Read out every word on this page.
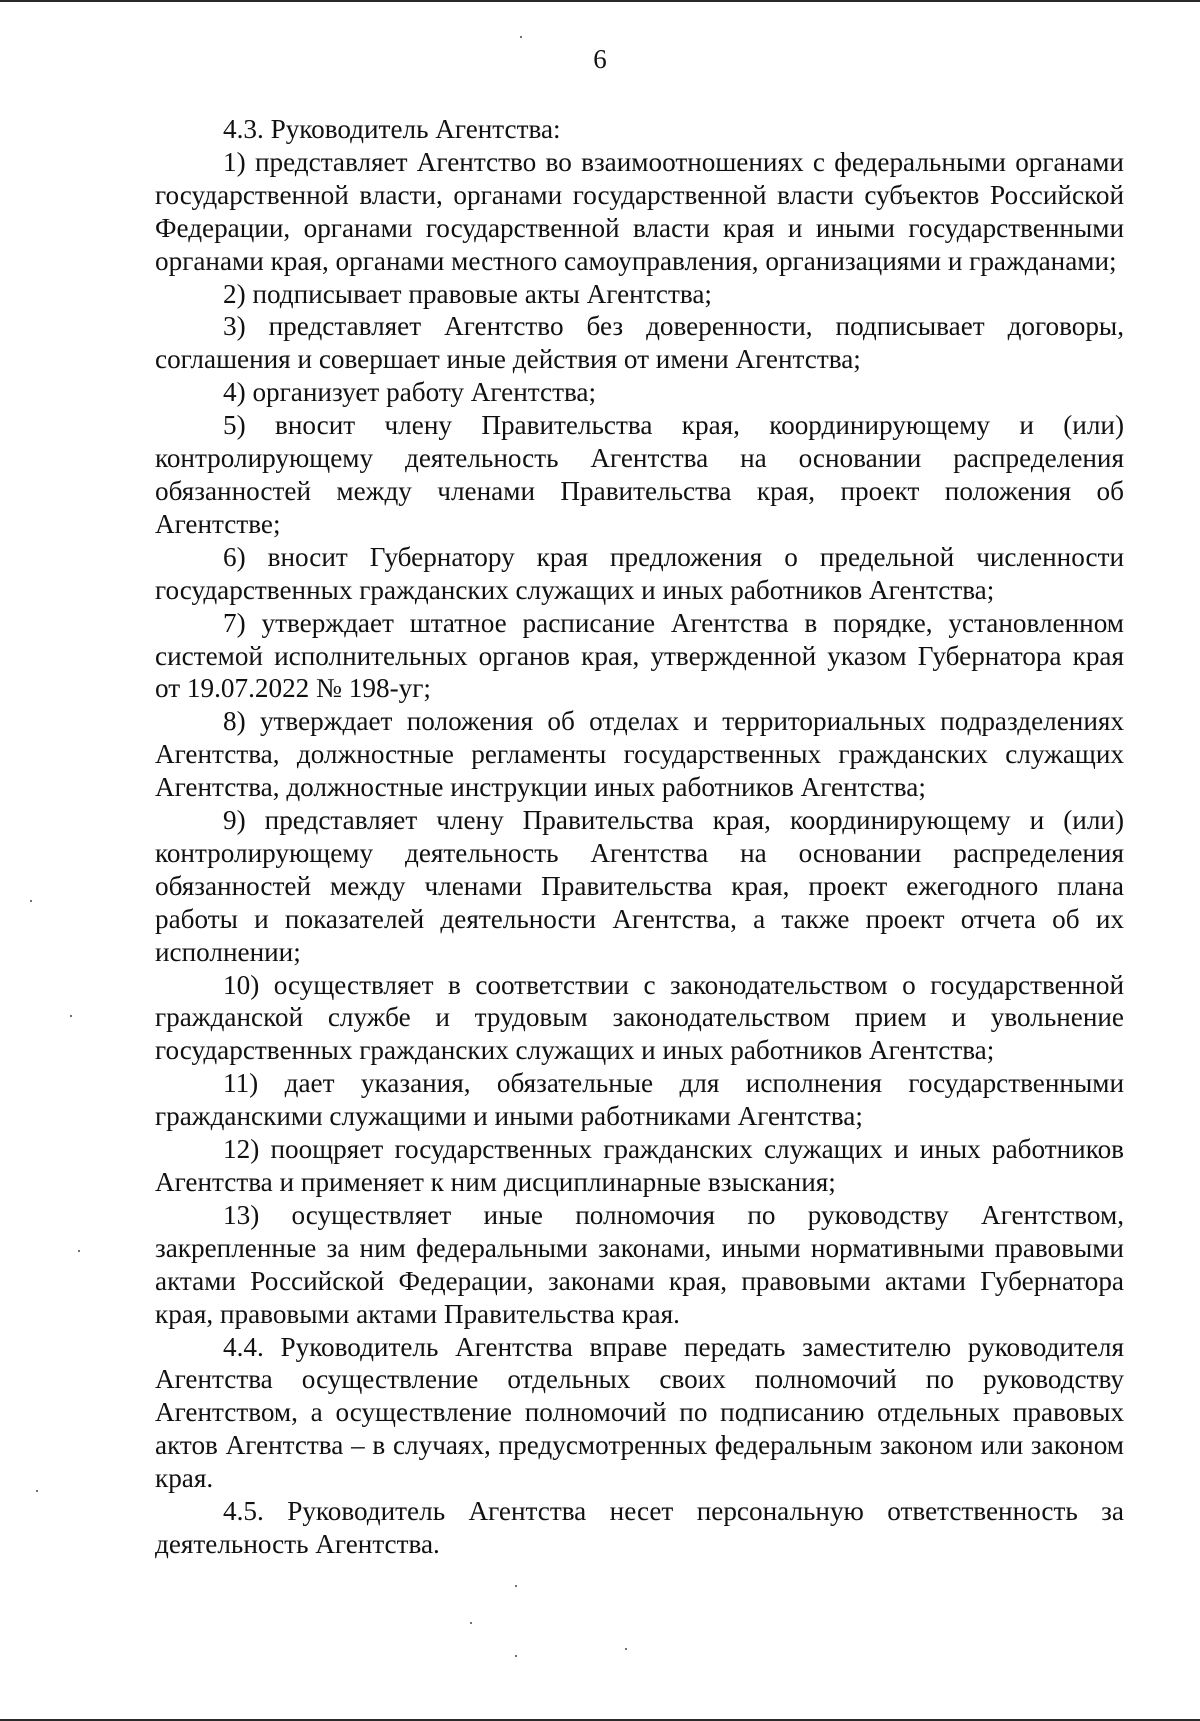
6

4.3. Руководитель Агентства:

1) представляет Агентство во взаимоотношениях с федеральными органами государственной власти, органами государственной власти субъектов Российской Федерации, органами государственной власти края и иными государственными органами края, органами местного самоуправления, организациями и гражданами;

2) подписывает правовые акты Агентства;

3) представляет Агентство без доверенности, подписывает договоры, соглашения и совершает иные действия от имени Агентства;

4) организует работу Агентства;

5) вносит члену Правительства края, координирующему и (или) контролирующему деятельность Агентства на основании распределения обязанностей между членами Правительства края, проект положения об Агентстве;

6) вносит Губернатору края предложения о предельной численности государственных гражданских служащих и иных работников Агентства;

7) утверждает штатное расписание Агентства в порядке, установленном системой исполнительных органов края, утвержденной указом Губернатора края от 19.07.2022 № 198-уг;

8) утверждает положения об отделах и территориальных подразделениях Агентства, должностные регламенты государственных гражданских служащих Агентства, должностные инструкции иных работников Агентства;

9) представляет члену Правительства края, координирующему и (или) контролирующему деятельность Агентства на основании распределения обязанностей между членами Правительства края, проект ежегодного плана работы и показателей деятельности Агентства, а также проект отчета об их исполнении;

10) осуществляет в соответствии с законодательством о государственной гражданской службе и трудовым законодательством прием и увольнение государственных гражданских служащих и иных работников Агентства;

11) дает указания, обязательные для исполнения государственными гражданскими служащими и иными работниками Агентства;

12) поощряет государственных гражданских служащих и иных работников Агентства и применяет к ним дисциплинарные взыскания;

13) осуществляет иные полномочия по руководству Агентством, закрепленные за ним федеральными законами, иными нормативными правовыми актами Российской Федерации, законами края, правовыми актами Губернатора края, правовыми актами Правительства края.

4.4. Руководитель Агентства вправе передать заместителю руководителя Агентства осуществление отдельных своих полномочий по руководству Агентством, а осуществление полномочий по подписанию отдельных правовых актов Агентства – в случаях, предусмотренных федеральным законом или законом края.

4.5. Руководитель Агентства несет персональную ответственность за деятельность Агентства.
